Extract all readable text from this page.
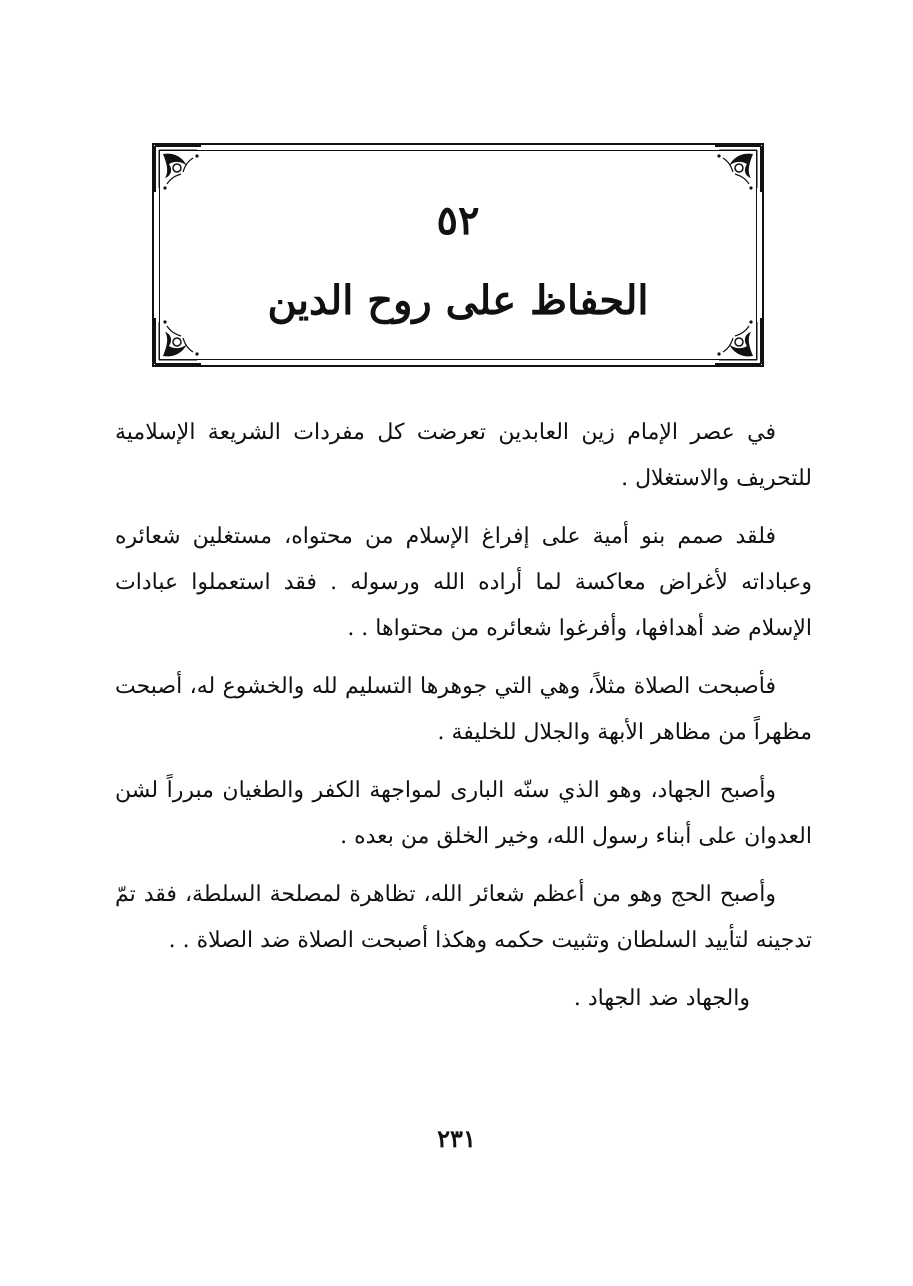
٥٢
الحفاظ على روح الدين

في عصر الإمام زين العابدين تعرضت كل مفردات الشريعة الإسلامية للتحريف والاستغلال .

فلقد صمم بنو أمية على إفراغ الإسلام من محتواه، مستغلين شعائره وعباداته لأغراض معاكسة لما أراده الله ورسوله . فقد استعملوا عبادات الإسلام ضد أهدافها، وأفرغوا شعائره من محتواها . .

فأصبحت الصلاة مثلاً، وهي التي جوهرها التسليم لله والخشوع له، أصبحت مظهراً من مظاهر الأبهة والجلال للخليفة .

وأصبح الجهاد، وهو الذي سنّه البارى لمواجهة الكفر والطغيان مبرراً لشن العدوان على أبناء رسول الله، وخير الخلق من بعده .

وأصبح الحج وهو من أعظم شعائر الله، تظاهرة لمصلحة السلطة، فقد تمّ تدجينه لتأييد السلطان وتثبيت حكمه وهكذا أصبحت الصلاة ضد الصلاة . .

والجهاد ضد الجهاد .

٢٣١
